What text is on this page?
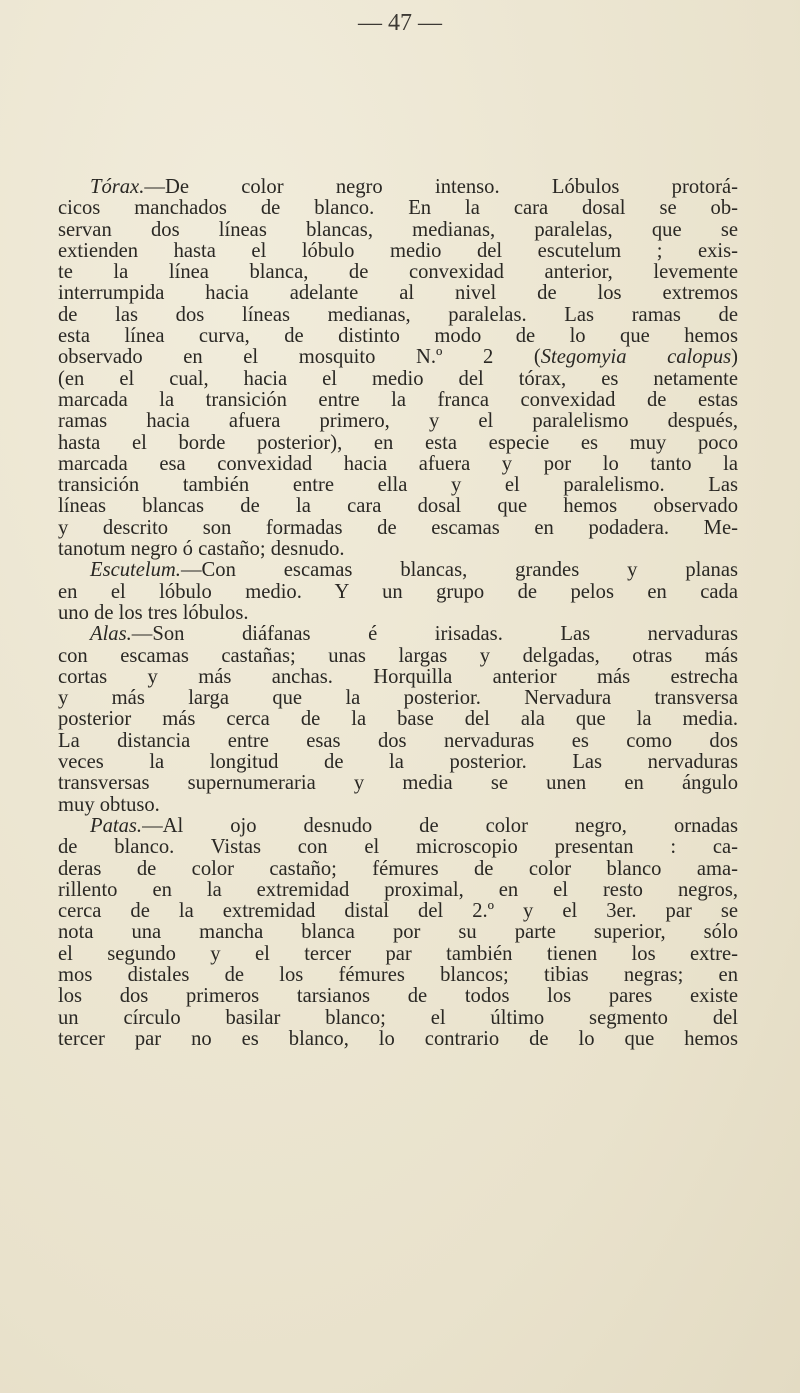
— 47 —
Tórax.—De color negro intenso. Lóbulos protorá-
cicos manchados de blanco. En la cara dosal se ob-
servan dos líneas blancas, medianas, paralelas, que se
extienden hasta el lóbulo medio del escutelum ; exis-
te la línea blanca, de convexidad anterior, levemente
interrumpida hacia adelante al nivel de los extremos
de las dos líneas medianas, paralelas. Las ramas de
esta línea curva, de distinto modo de lo que hemos
observado en el mosquito N.º 2 (Stegomyia calopus)
(en el cual, hacia el medio del tórax, es netamente
marcada la transición entre la franca convexidad de estas
ramas hacia afuera primero, y el paralelismo después,
hasta el borde posterior), en esta especie es muy poco
marcada esa convexidad hacia afuera y por lo tanto la
transición también entre ella y el paralelismo. Las
líneas blancas de la cara dosal que hemos observado
y descrito son formadas de escamas en podadera. Me-
tanotum negro ó castaño; desnudo.
Escutelum.—Con escamas blancas, grandes y planas
en el lóbulo medio. Y un grupo de pelos en cada
uno de los tres lóbulos.
Alas.—Son diáfanas é irisadas. Las nervaduras
con escamas castañas; unas largas y delgadas, otras más
cortas y más anchas. Horquilla anterior más estrecha
y más larga que la posterior. Nervadura transversa
posterior más cerca de la base del ala que la media.
La distancia entre esas dos nervaduras es como dos
veces la longitud de la posterior. Las nervaduras
transversas supernumeraria y media se unen en ángulo
muy obtuso.
Patas.—Al ojo desnudo de color negro, ornadas
de blanco. Vistas con el microscopio presentan : ca-
deras de color castaño; fémures de color blanco ama-
rillento en la extremidad proximal, en el resto negros,
cerca de la extremidad distal del 2.º y el 3er. par se
nota una mancha blanca por su parte superior, sólo
el segundo y el tercer par también tienen los extre-
mos distales de los fémures blancos; tibias negras; en
los dos primeros tarsianos de todos los pares existe
un círculo basilar blanco; el último segmento del
tercer par no es blanco, lo contrario de lo que hemos
